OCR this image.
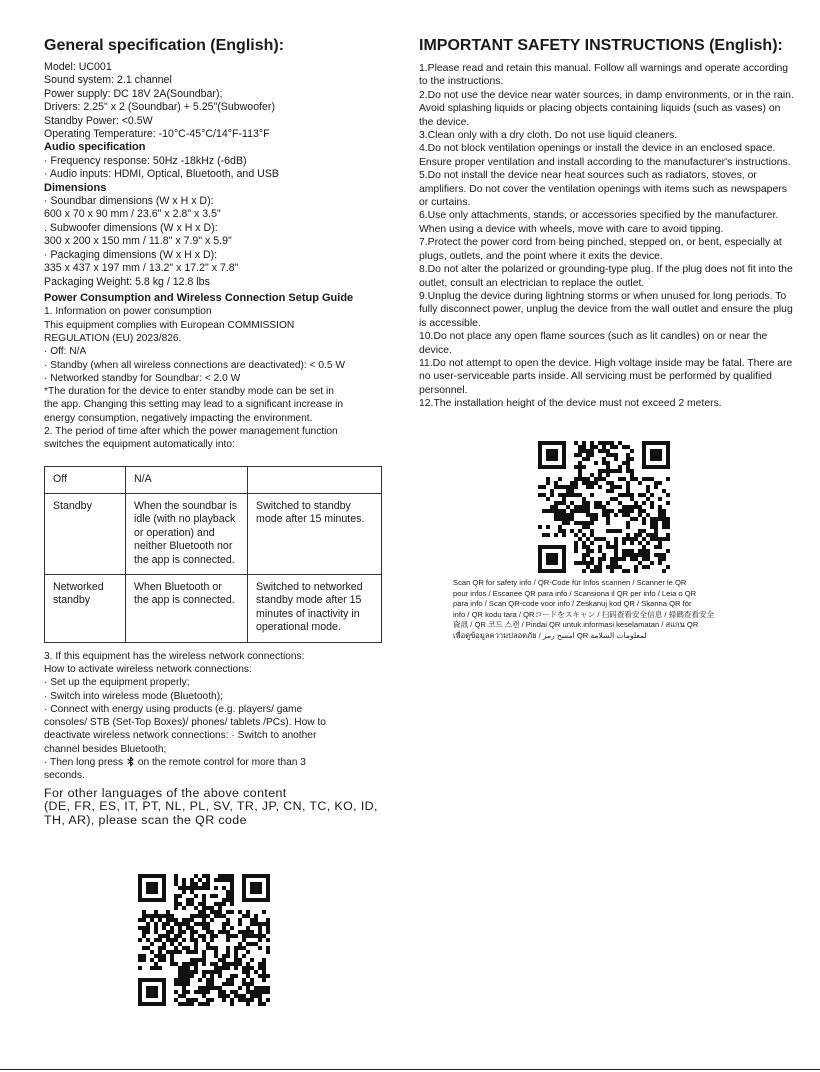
General specification (English):
Model: UC001
Sound system: 2.1 channel
Power supply: DC 18V 2A(Soundbar);
Drivers: 2.25" x 2 (Soundbar) + 5.25"(Subwoofer)
Standby Power: <0.5W
Operating Temperature: -10°C-45°C/14°F-113°F
Audio specification
· Frequency response: 50Hz -18kHz (-6dB)
· Audio inputs: HDMI, Optical, Bluetooth, and USB
Dimensions
· Soundbar dimensions (W x H x D):
600 x 70 x 90 mm / 23.6" x 2.8" x 3.5"
. Subwoofer dimensions (W x H x D):
300 x 200 x 150 mm / 11.8" x 7.9" x 5.9"
· Packaging dimensions (W x H x D):
335 x 437 x 197 mm / 13.2" x 17.2" x 7.8"
Packaging Weight: 5.8 kg / 12.8 lbs
Power Consumption and Wireless Connection Setup Guide
1. Information on power consumption
This equipment complies with European COMMISSION
REGULATION (EU) 2023/826.
· Off: N/A
· Standby (when all wireless connections are deactivated): < 0.5 W
· Networked standby for Soundbar: < 2.0 W
*The duration for the device to enter standby mode can be set in
the app. Changing this setting may lead to a significant increase in
energy consumption, negatively impacting the environment.
2. The period of time after which the power management function
switches the equipment automatically into:
Off	N/A	
Standby	When the soundbar is idle (with no playback or operation) and neither Bluetooth nor the app is connected.	Switched to standby mode after 15 minutes.
Networked standby	When Bluetooth or the app is connected.	Switched to networked standby mode after 15 minutes of inactivity in operational mode.
3. If this equipment has the wireless network connections:
How to activate wireless network connections:
· Set up the equipment properly;
· Switch into wireless mode (Bluetooth);
· Connect with energy using products (e.g. players/ game
consoles/ STB (Set-Top Boxes)/ phones/ tablets /PCs). How to
deactivate wireless network connections: · Switch to another
channel besides Bluetooth;
· Then long press on the remote control for more than 3
seconds.
For other languages of the above content
(DE, FR, ES, IT, PT, NL, PL, SV, TR, JP, CN, TC, KO, ID,
TH, AR), please scan the QR code
IMPORTANT SAFETY INSTRUCTIONS (English):
1.Please read and retain this manual. Follow all warnings and operate according to the instructions.
2.Do not use the device near water sources, in damp environments, or in the rain. Avoid splashing liquids or placing objects containing liquids (such as vases) on the device.
3.Clean only with a dry cloth. Do not use liquid cleaners.
4.Do not block ventilation openings or install the device in an enclosed space. Ensure proper ventilation and install according to the manufacturer's instructions.
5.Do not install the device near heat sources such as radiators, stoves, or amplifiers. Do not cover the ventilation openings with items such as newspapers or curtains.
6.Use only attachments, stands, or accessories specified by the manufacturer. When using a device with wheels, move with care to avoid tipping.
7.Protect the power cord from being pinched, stepped on, or bent, especially at plugs, outlets, and the point where it exits the device.
8.Do not alter the polarized or grounding-type plug. If the plug does not fit into the outlet, consult an electrician to replace the outlet.
9.Unplug the device during lightning storms or when unused for long periods. To fully disconnect power, unplug the device from the wall outlet and ensure the plug is accessible.
10.Do not place any open flame sources (such as lit candles) on or near the device.
11.Do not attempt to open the device. High voltage inside may be fatal. There are no user-serviceable parts inside. All servicing must be performed by qualified personnel.
12.The installation height of the device must not exceed 2 meters.
Scan QR for safety info / QR-Code für Infos scannen / Scanner le QR
pour infos / Escanee QR para info / Scansiona il QR per info / Leia o QR
para info / Scan QR-code voor info / Zeskanuj kod QR / Skanna QR för
info / QR kodu tara / QRコードをスキャン / 扫码查看安全信息 / 掃碼查看安全
資訊 / QR 코드 스캔 / Pindai QR untuk informasi keselamatan / สแกน QR
เพื่อดูข้อมูลความปลอดภัย / امسح رمز QR لمعلومات السلامة
